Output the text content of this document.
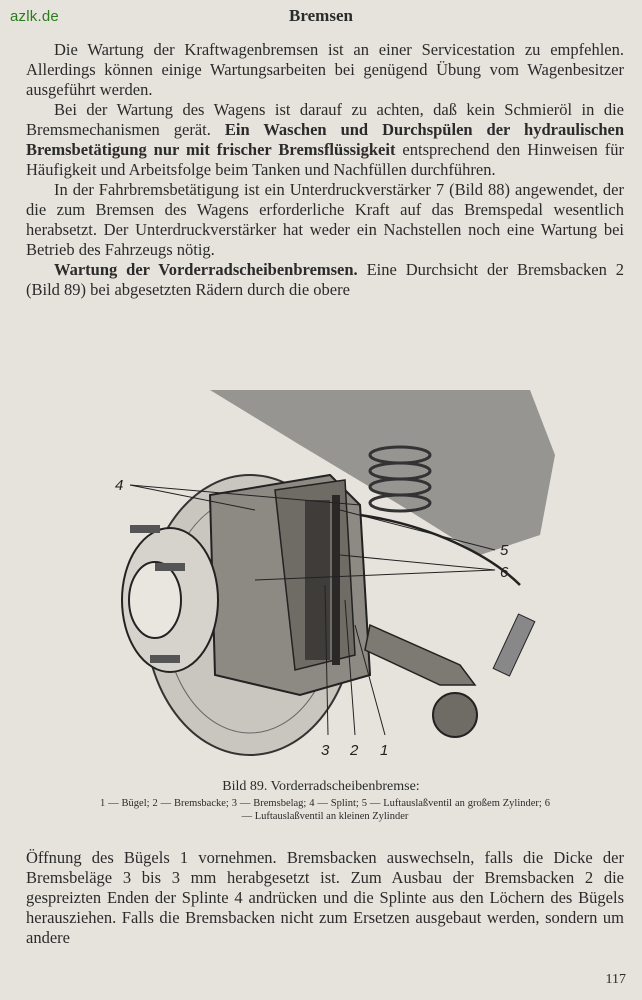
azlk.de	Bremsen

Die Wartung der Kraftwagenbremsen ist an einer Servicestation zu empfehlen. Allerdings können einige Wartungsarbeiten bei genügend Übung vom Wagenbesitzer ausgeführt werden.

Bei der Wartung des Wagens ist darauf zu achten, daß kein Schmieröl in die Bremsmechanismen gerät. Ein Waschen und Durchspülen der hydraulischen Bremsbetätigung nur mit frischer Bremsflüssigkeit entsprechend den Hinweisen für Häufigkeit und Arbeitsfolge beim Tanken und Nachfüllen durchführen.

In der Fahrbremsbetätigung ist ein Unterdruckverstärker 7 (Bild 88) angewendet, der die zum Bremsen des Wagens erforderliche Kraft auf das Bremspedal wesentlich herabsetzt. Der Unterdruckverstärker hat weder ein Nachstellen noch eine Wartung bei Betrieb des Fahrzeugs nötig.

Wartung der Vorderradscheibenbremsen. Eine Durchsicht der Bremsbacken 2 (Bild 89) bei abgesetzten Rädern durch die obere

4
5
6
3 2 1
Bild 89. Vorderradscheibenbremse:
1 — Bügel; 2 — Bremsbacke; 3 — Bremsbelag; 4 — Splint; 5 — Luftauslaßventil an großem Zylinder; 6 — Luftauslaßventil an kleinen Zylinder

Öffnung des Bügels 1 vornehmen. Bremsbacken auswechseln, falls die Dicke der Bremsbeläge 3 bis 3 mm herabgesetzt ist. Zum Ausbau der Bremsbacken 2 die gespreizten Enden der Splinte 4 andrücken und die Splinte aus den Löchern des Bügels herausziehen. Falls die Bremsbacken nicht zum Ersetzen ausgebaut werden, sondern um andere

117
